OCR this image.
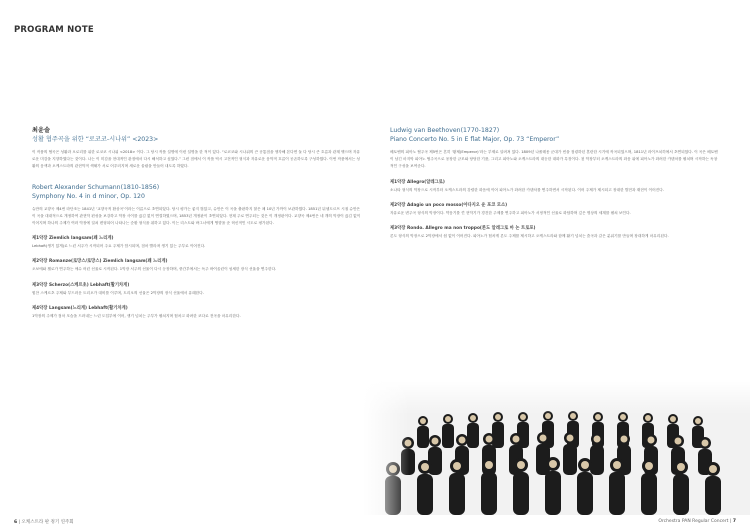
PROGRAM NOTE

최윤솔

성활 협주곡을 위한 “로코코-시나위” <2023>

이 작품의 협곡은 성활과 오로리를 위한 로코코 시나위 <2018> 이다. 그 당시 작품 설명에 이런 설명을 한 적이 있다. “로코코와 시나위의 큰 공통점을 생각해 본다면 둘 다 당시 큰 흐름과 관계 맺으며 자유로운 미감을 지향하였다는 것이다. 나는 이 미감을 현대적인 관점에서 다시 해석하고 싶었다.” 그런 점에서 이 작품 역시 고전적인 형식과 자유로운 음악적 흐름이 공존하도록 구성하였다. 이번 작품에서는 성활의 음색과 오케스트라의 관현악적 색채가 서로 어우러지며 새로운 울림을 만들어 내도록 하였다.

Robert Alexander Schumann(1810-1856)

Symphony No. 4 in d minor, Op. 120

슈만의 교향곡 제4번 라단조는 1841년 ‘교향곡적 환상곡’이라는 이름으로 초연되었다. 당시 평가는 좋지 않았고, 슈만은 이 곡을 출판하지 않은 채 10년 가까이 보관하였다. 1851년 뒤셀도르프 시절 슈만은 이 곡을 대대적으로 개정하여 관현악 편성을 보강하고 악장 사이를 끊김 없이 연결하였으며, 1853년 개정판이 초연되었다. 현재 주로 연주되는 것은 이 개정판이다. 교향곡 제4번은 네 개의 악장이 끊김 없이 이어지며 하나의 주제가 여러 악장에 걸쳐 변형되어 나타나는 순환 형식을 취하고 있다. 이는 리스트와 바그너에게 영향을 준 혁신적인 시도로 평가된다.

제1악장 Ziemlich langsam(꽤 느리게)

Lebhaft(생기 있게)로 느린 서주가 시작되어 주요 주제가 암시되며, 점차 빨라져 생기 있는 주부로 이어진다.

제2악장 Romanze(로망스/로망스) Ziemlich langsam(꽤 느리게)

오보에와 첼로가 연주하는 애수 어린 선율로 시작된다. 1악장 서주의 선율이 다시 등장하며, 중간부에서는 독주 바이올린이 섬세한 장식 선율을 연주한다.

제3악장 Scherzo(스케르초) Lebhaft(활기차게)

힘찬 스케르초 주제와 부드러운 트리오가 대비를 이루며, 트리오의 선율은 2악장의 장식 선율에서 유래한다.

제4악장 Langsam(느리게) Lebhaft(활기차게)

1악장의 주제가 점차 모습을 드러내는 느린 도입부에 이어, 생기 넘치는 주부가 펼쳐지며 힘차고 화려한 코다로 전곡을 마무리한다.

Ludwig van Beethoven(1770-1827)

Piano Concerto No. 5 in E flat Major, Op. 73 “Emperor”

베토벤의 피아노 협주곡 제5번은 흔히 ‘황제(Emperor)’라는 부제로 알려져 있다. 1809년 나폴레옹 군대가 빈을 점령하던 혼란한 시기에 작곡되었으며, 1811년 라이프치히에서 초연되었다. 이 곡은 베토벤이 남긴 마지막 피아노 협주곡으로 웅장한 규모와 당당한 기품, 그리고 피아노와 오케스트라의 대등한 대화가 특징이다. 첫 악장부터 오케스트라의 화음 위에 피아노가 화려한 카덴차를 펼치며 시작하는 독창적인 구성을 보여준다.

제1악장 Allegro(알레그로)

소나타 형식의 악장으로 시작부터 오케스트라의 강렬한 화음에 이어 피아노가 화려한 카덴차를 연주하면서 시작된다. 이어 주제가 제시되고 장대한 발전과 재현이 이어진다.

제2악장 Adagio un poco mosso(아다지오 운 포코 모소)

자유로운 변주곡 형식의 악장이다. 약음기를 낀 현악기가 경건한 주제를 연주하고 피아노가 서정적인 선율로 화답하며 깊은 명상의 세계를 펼쳐 보인다.

제3악장 Rondo. Allegro ma non troppo(론도 알레그로 마 논 트로포)

론도 형식의 악장으로 2악장에서 쉼 없이 이어진다. 피아노가 힘차게 론도 주제를 제시하고 오케스트라와 함께 활기 넘치는 춤곡과 같은 분위기를 만들며 장대하게 마무리된다.

6 | 오케스트라 판 정기 연주회	Orchestra PAN Regular Concert | 7
